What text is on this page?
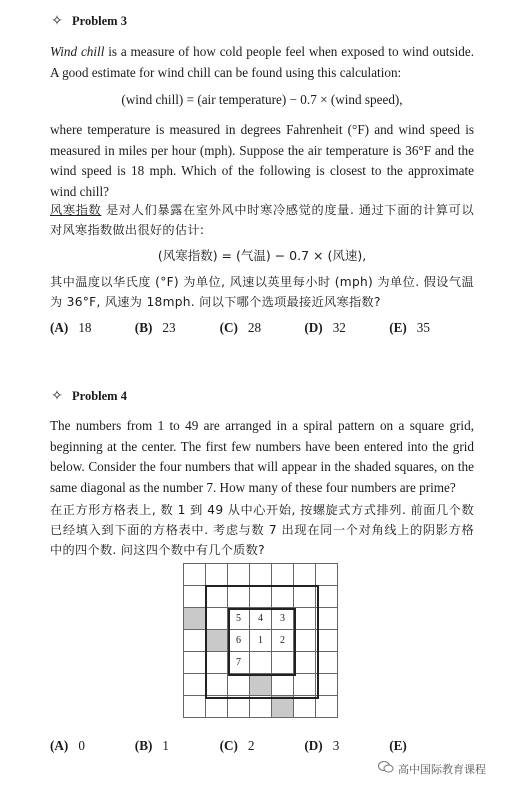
✧ Problem 3

Wind chill is a measure of how cold people feel when exposed to wind outside. A good estimate for wind chill can be found using this calculation:

(wind chill) = (air temperature) − 0.7 × (wind speed),

where temperature is measured in degrees Fahrenheit (°F) and wind speed is measured in miles per hour (mph). Suppose the air temperature is 36°F and the wind speed is 18 mph. Which of the following is closest to the approximate wind chill?

风寒指数 是对人们暴露在室外风中时寒冷感觉的度量. 通过下面的计算可以对风寒指数做出很好的估计:

(风寒指数) = (气温) − 0.7 × (风速),

其中温度以华氏度 (°F) 为单位, 风速以英里每小时 (mph) 为单位. 假设气温为 36°F, 风速为 18mph. 问以下哪个选项最接近风寒指数?

(A) 18	(B) 23	(C) 28	(D) 32	(E) 35
✧ Problem 4

The numbers from 1 to 49 are arranged in a spiral pattern on a square grid, beginning at the center. The first few numbers have been entered into the grid below. Consider the four numbers that will appear in the shaded squares, on the same diagonal as the number 7. How many of these four numbers are prime?

在正方形方格表上, 数 1 到 49 从中心开始, 按螺旋式方式排列. 前面几个数已经填入到下面的方格表中. 考虑与数 7 出现在同一个对角线上的阴影方格中的四个数. 问这四个数中有几个质数?

		5	4	3		
		6	1	2		
		7				

(A) 0	(B) 1	(C) 2	(D) 3	(E)
高中国际教育课程
